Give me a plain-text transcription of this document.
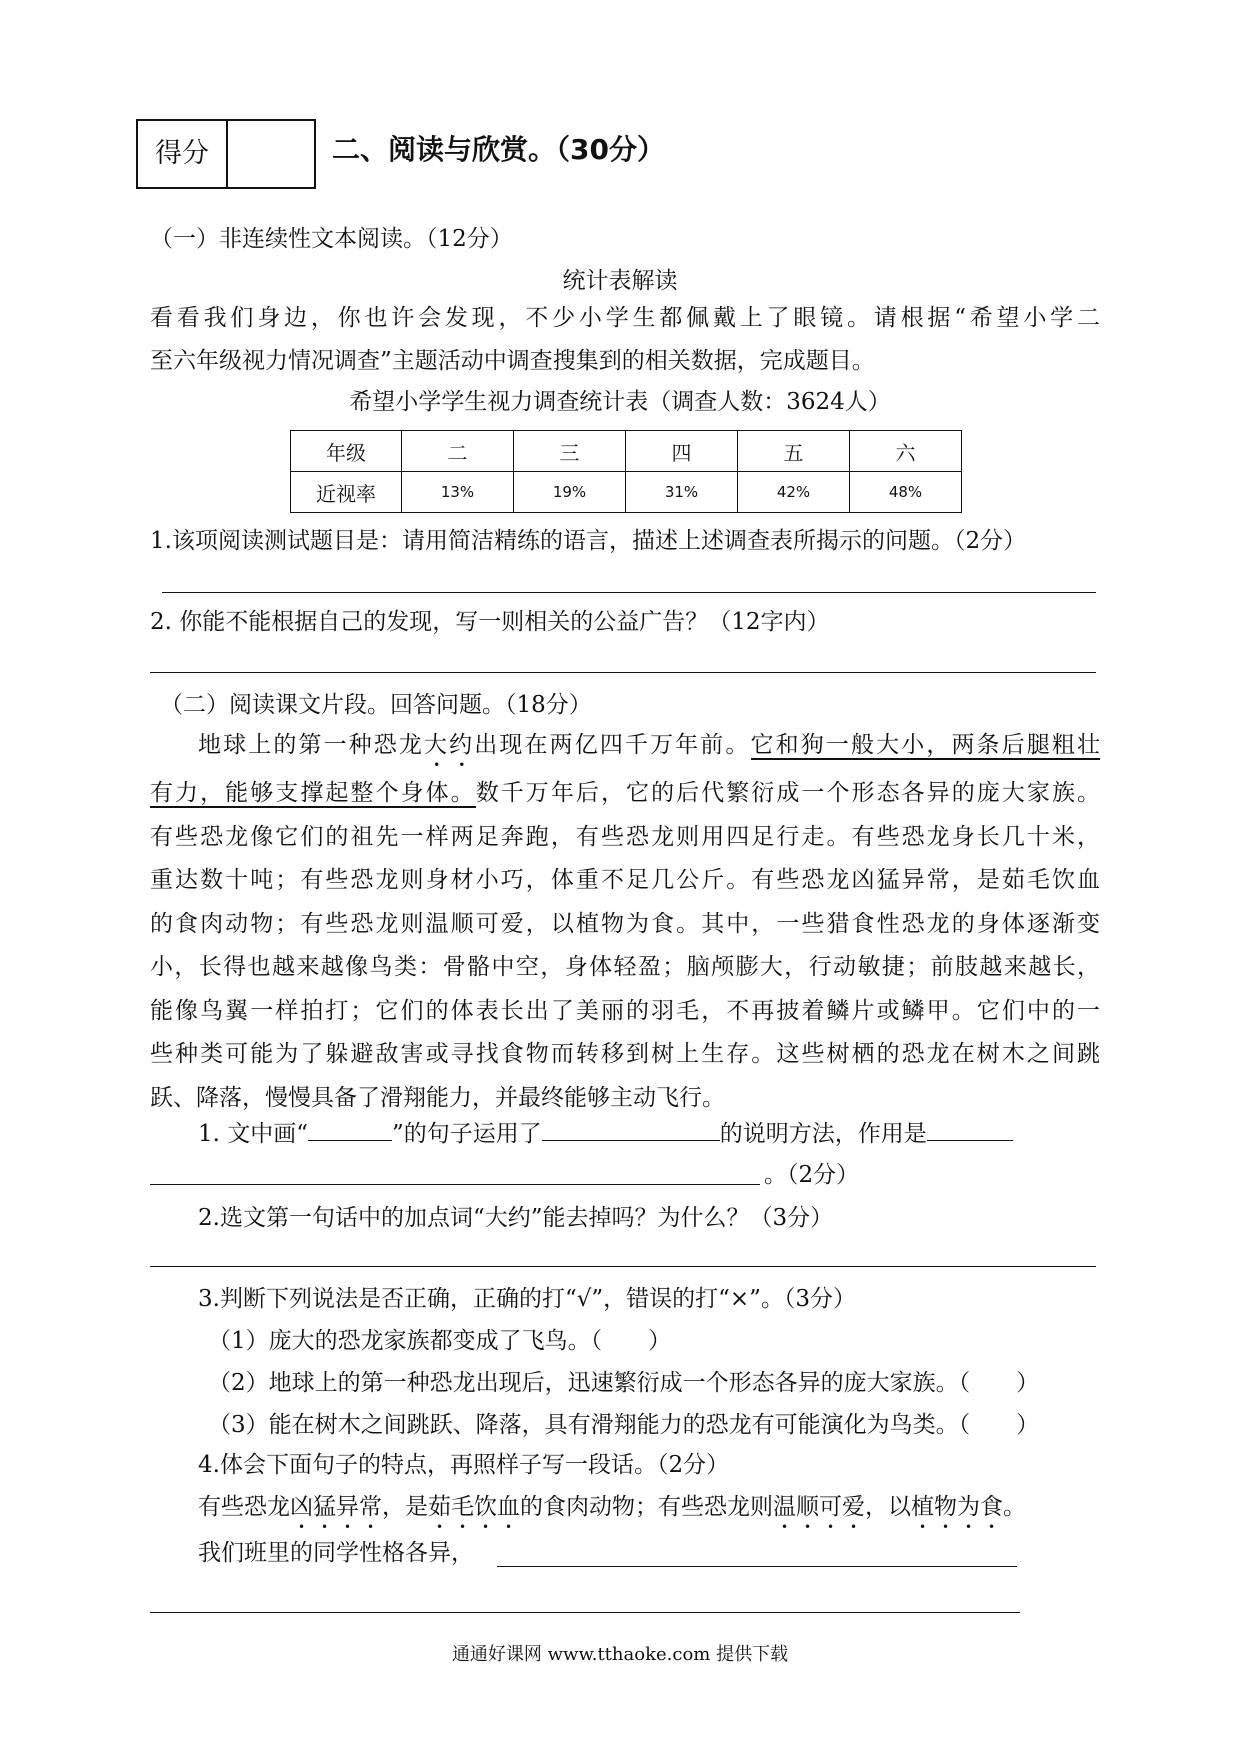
得分	二、阅读与欣赏。（30分）
（一）非连续性文本阅读。（12分）
统计表解读
看看我们身边，你也许会发现，不少小学生都佩戴上了眼镜。请根据“希望小学二
至六年级视力情况调查”主题活动中调查搜集到的相关数据，完成题目。
希望小学学生视力调查统计表（调查人数：3624人）
年级	二	三	四	五	六
近视率	13%	19%	31%	42%	48%
1.该项阅读测试题目是：请用简洁精练的语言，描述上述调查表所揭示的问题。（2分）
2. 你能不能根据自己的发现，写一则相关的公益广告？（12字内）
（二）阅读课文片段。回答问题。（18分）
地球上的第一种恐龙大约出现在两亿四千万年前。它和狗一般大小，两条后腿粗壮
有力，能够支撑起整个身体。数千万年后，它的后代繁衍成一个形态各异的庞大家族。
有些恐龙像它们的祖先一样两足奔跑，有些恐龙则用四足行走。有些恐龙身长几十米，
重达数十吨；有些恐龙则身材小巧，体重不足几公斤。有些恐龙凶猛异常，是茹毛饮血
的食肉动物；有些恐龙则温顺可爱，以植物为食。其中，一些猎食性恐龙的身体逐渐变
小，长得也越来越像鸟类：骨骼中空，身体轻盈；脑颅膨大，行动敏捷；前肢越来越长，
能像鸟翼一样拍打；它们的体表长出了美丽的羽毛，不再披着鳞片或鳞甲。它们中的一
些种类可能为了躲避敌害或寻找食物而转移到树上生存。这些树栖的恐龙在树木之间跳
跃、降落，慢慢具备了滑翔能力，并最终能够主动飞行。
1. 文中画“	”的句子运用了	的说明方法，作用是
。（2分）
2.选文第一句话中的加点词“大约”能去掉吗？为什么？（3分）
3.判断下列说法是否正确，正确的打“√”，错误的打“×”。（3分）
（1）庞大的恐龙家族都变成了飞鸟。（　　）
（2）地球上的第一种恐龙出现后，迅速繁衍成一个形态各异的庞大家族。（　　）
（3）能在树木之间跳跃、降落，具有滑翔能力的恐龙有可能演化为鸟类。（　　）
4.体会下面句子的特点，再照样子写一段话。（2分）
有些恐龙凶猛异常，是茹毛饮血的食肉动物；有些恐龙则温顺可爱，以植物为食。
我们班里的同学性格各异，
通通好课网 www.tthaoke.com 提供下载
